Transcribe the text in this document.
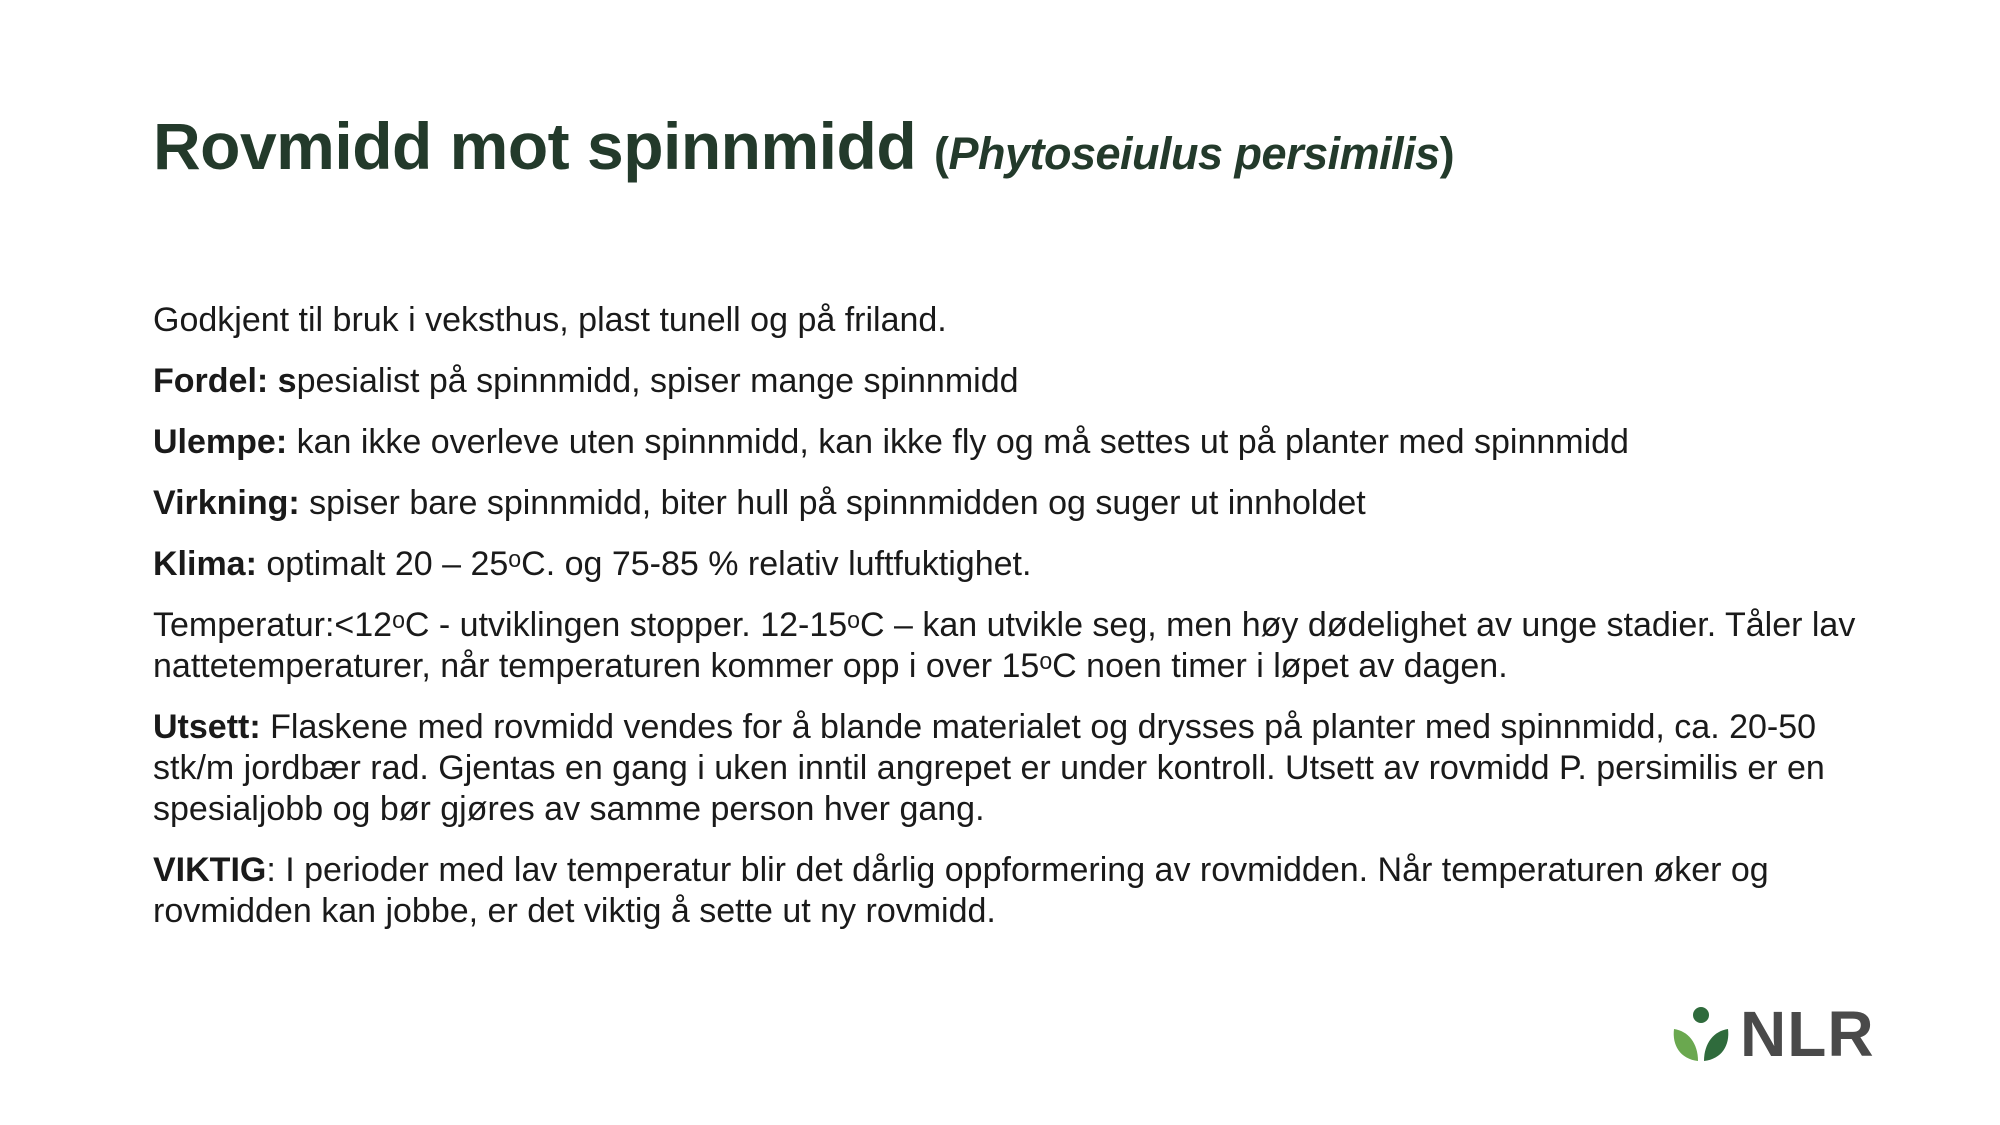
Rovmidd mot spinnmidd (Phytoseiulus persimilis)

Godkjent til bruk i veksthus, plast tunell og på friland.

Fordel: spesialist på spinnmidd, spiser mange spinnmidd

Ulempe: kan ikke overleve uten spinnmidd, kan ikke fly og må settes ut på planter med spinnmidd

Virkning: spiser bare spinnmidd, biter hull på spinnmidden og suger ut innholdet

Klima: optimalt 20 – 25ᵒC. og 75-85 % relativ luftfuktighet.

Temperatur:<12ᵒC - utviklingen stopper. 12-15ᵒC – kan utvikle seg, men høy dødelighet av unge stadier. Tåler lav nattetemperaturer, når temperaturen kommer opp i over 15ᵒC noen timer i løpet av dagen.

Utsett: Flaskene med rovmidd vendes for å blande materialet og drysses på planter med spinnmidd, ca. 20-50 stk/m jordbær rad. Gjentas en gang i uken inntil angrepet er under kontroll. Utsett av rovmidd P. persimilis er en spesialjobb og bør gjøres av samme person hver gang.

VIKTIG: I perioder med lav temperatur blir det dårlig oppformering av rovmidden. Når temperaturen øker og rovmidden kan jobbe, er det viktig å sette ut ny rovmidd.

NLR
